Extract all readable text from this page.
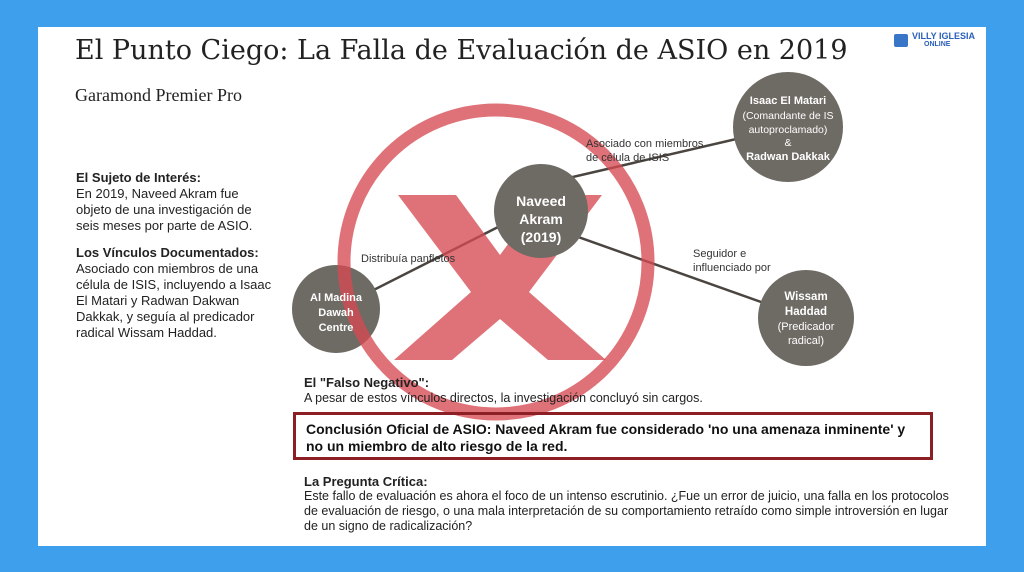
El Punto Ciego: La Falla de Evaluación de ASIO en 2019
Garamond Premier Pro
VILLY IGLESIA
ONLINE
El Sujeto de Interés:
En 2019, Naveed Akram fue objeto de una investigación de seis meses por parte de ASIO.
Los Vínculos Documentados:
Asociado con miembros de una célula de ISIS, incluyendo a Isaac El Matari y Radwan Dakwan Dakkak, y seguía al predicador radical Wissam Haddad.
Naveed
Akram
(2019)
Isaac El Matari
(Comandante de IS
autoproclamado)
&
Radwan Dakkak
Wissam
Haddad
(Predicador
radical)
Al Madina
Dawah
Centre
Asociado con miembros
de célula de ISIS
Distribuía panfletos	Seguidor e
influenciado por
El "Falso Negativo":
A pesar de estos vínculos directos, la investigación concluyó sin cargos.
Conclusión Oficial de ASIO: Naveed Akram fue considerado 'no una amenaza inminente' y no un miembro de alto riesgo de la red.
La Pregunta Crítica:
Este fallo de evaluación es ahora el foco de un intenso escrutinio. ¿Fue un error de juicio, una falla en los protocolos de evaluación de riesgo, o una mala interpretación de su comportamiento retraído como simple introversión en lugar de un signo de radicalización?
